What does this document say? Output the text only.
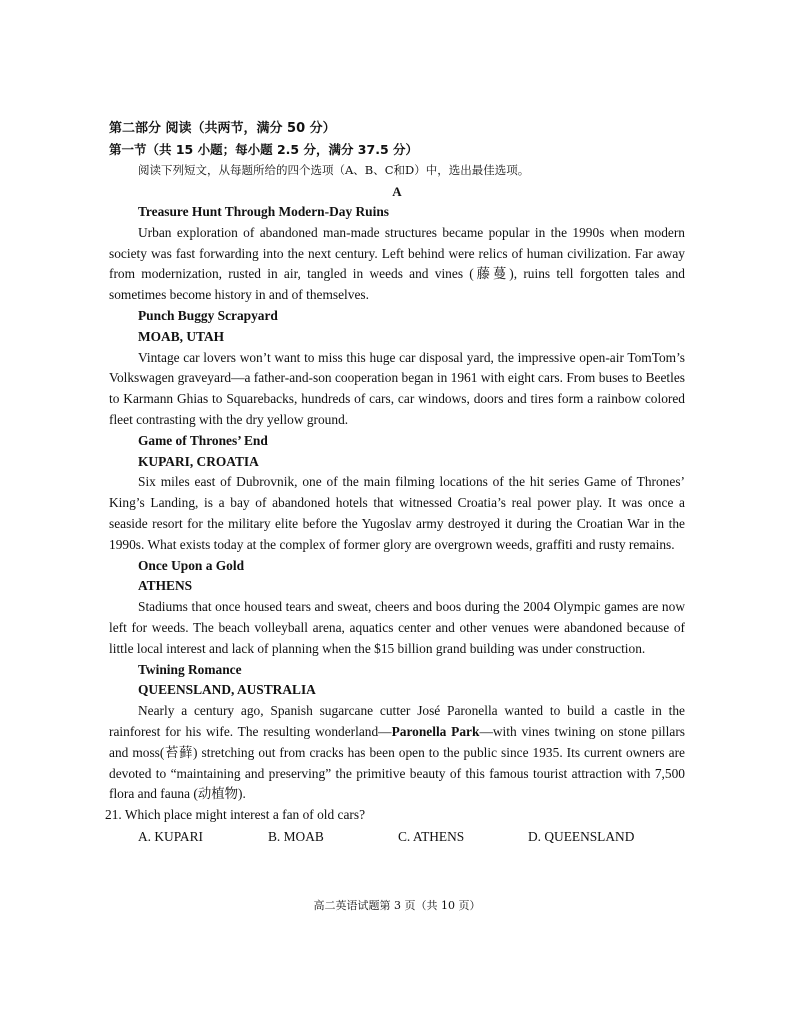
第二部分 阅读（共两节，满分 50 分）
第一节（共 15 小题；每小题 2.5 分，满分 37.5 分）
阅读下列短文，从每题所给的四个选项（A、B、C和D）中，选出最佳选项。
A
Treasure Hunt Through Modern-Day Ruins

Urban exploration of abandoned man-made structures became popular in the 1990s when modern society was fast forwarding into the next century. Left behind were relics of human civilization. Far away from modernization, rusted in air, tangled in weeds and vines (藤蔓), ruins tell forgotten tales and sometimes become history in and of themselves.

Punch Buggy Scrapyard
MOAB, UTAH

Vintage car lovers won’t want to miss this huge car disposal yard, the impressive open-air TomTom’s Volkswagen graveyard—a father-and-son cooperation began in 1961 with eight cars. From buses to Beetles to Karmann Ghias to Squarebacks, hundreds of cars, car windows, doors and tires form a rainbow colored fleet contrasting with the dry yellow ground.

Game of Thrones’ End
KUPARI, CROATIA

Six miles east of Dubrovnik, one of the main filming locations of the hit series Game of Thrones’ King’s Landing, is a bay of abandoned hotels that witnessed Croatia’s real power play. It was once a seaside resort for the military elite before the Yugoslav army destroyed it during the Croatian War in the 1990s. What exists today at the complex of former glory are overgrown weeds, graffiti and rusty remains.

Once Upon a Gold
ATHENS

Stadiums that once housed tears and sweat, cheers and boos during the 2004 Olympic games are now left for weeds. The beach volleyball arena, aquatics center and other venues were abandoned because of little local interest and lack of planning when the $15 billion grand building was under construction.

Twining Romance
QUEENSLAND, AUSTRALIA

Nearly a century ago, Spanish sugarcane cutter José Paronella wanted to build a castle in the rainforest for his wife. The resulting wonderland—Paronella Park—with vines twining on stone pillars and moss(苔藓) stretching out from cracks has been open to the public since 1935. Its current owners are devoted to “maintaining and preserving” the primitive beauty of this famous tourist attraction with 7,500 flora and fauna (动植物).

21. Which place might interest a fan of old cars?
A. KUPARI	B. MOAB	C. ATHENS	D. QUEENSLAND
高二英语试题第 3 页（共 10 页）
